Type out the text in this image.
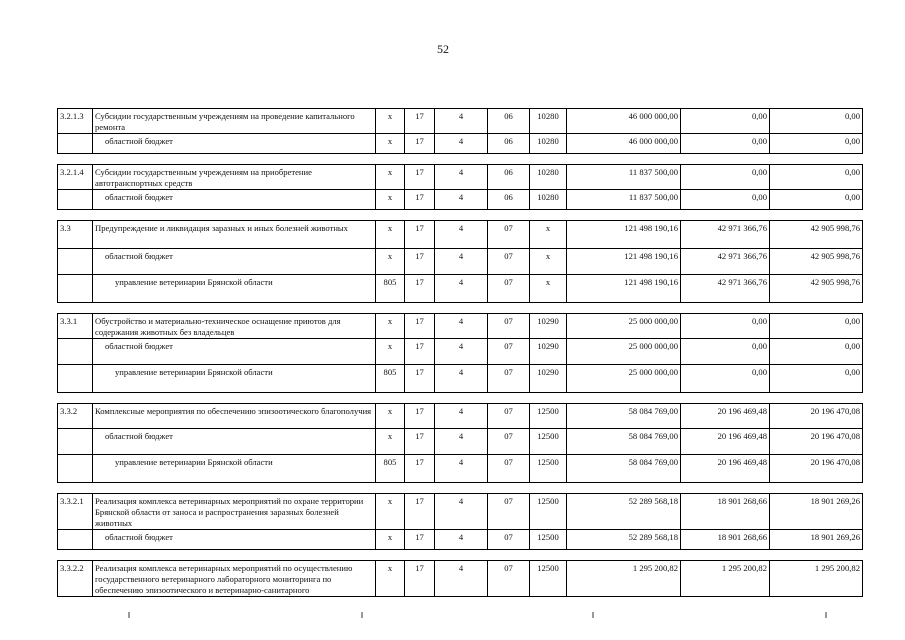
52
3.2.1.3	Субсидии государственным учреждениям на проведение капитального ремонта	х	17	4	06	10280	46 000 000,00	0,00	0,00
	областной бюджет	х	17	4	06	10280	46 000 000,00	0,00	0,00

3.2.1.4	Субсидии государственным учреждениям на приобретение автотранспортных средств	х	17	4	06	10280	11 837 500,00	0,00	0,00
	областной бюджет	х	17	4	06	10280	11 837 500,00	0,00	0,00

3.3	Предупреждение и ликвидация заразных и иных болезней животных	х	17	4	07	х	121 498 190,16	42 971 366,76	42 905 998,76
	областной бюджет	х	17	4	07	х	121 498 190,16	42 971 366,76	42 905 998,76
	управление ветеринарии Брянской области	805	17	4	07	х	121 498 190,16	42 971 366,76	42 905 998,76

3.3.1	Обустройство и материально-техническое оснащение приютов для содержания животных без владельцев	х	17	4	07	10290	25 000 000,00	0,00	0,00
	областной бюджет	х	17	4	07	10290	25 000 000,00	0,00	0,00
	управление ветеринарии Брянской области	805	17	4	07	10290	25 000 000,00	0,00	0,00

3.3.2	Комплексные мероприятия по обеспечению эпизоотического благополучия	х	17	4	07	12500	58 084 769,00	20 196 469,48	20 196 470,08
	областной бюджет	х	17	4	07	12500	58 084 769,00	20 196 469,48	20 196 470,08
	управление ветеринарии Брянской области	805	17	4	07	12500	58 084 769,00	20 196 469,48	20 196 470,08

3.3.2.1	Реализация комплекса ветеринарных мероприятий по охране территории Брянской области от заноса и распространения заразных болезней животных	х	17	4	07	12500	52 289 568,18	18 901 268,66	18 901 269,26
	областной бюджет	х	17	4	07	12500	52 289 568,18	18 901 268,66	18 901 269,26

3.3.2.2	Реализация комплекса ветеринарных мероприятий по осуществлению государственного ветеринарного лабораторного мониторинга по обеспечению эпизоотического и ветеринарно-санитарного	х	17	4	07	12500	1 295 200,82	1 295 200,82	1 295 200,82
